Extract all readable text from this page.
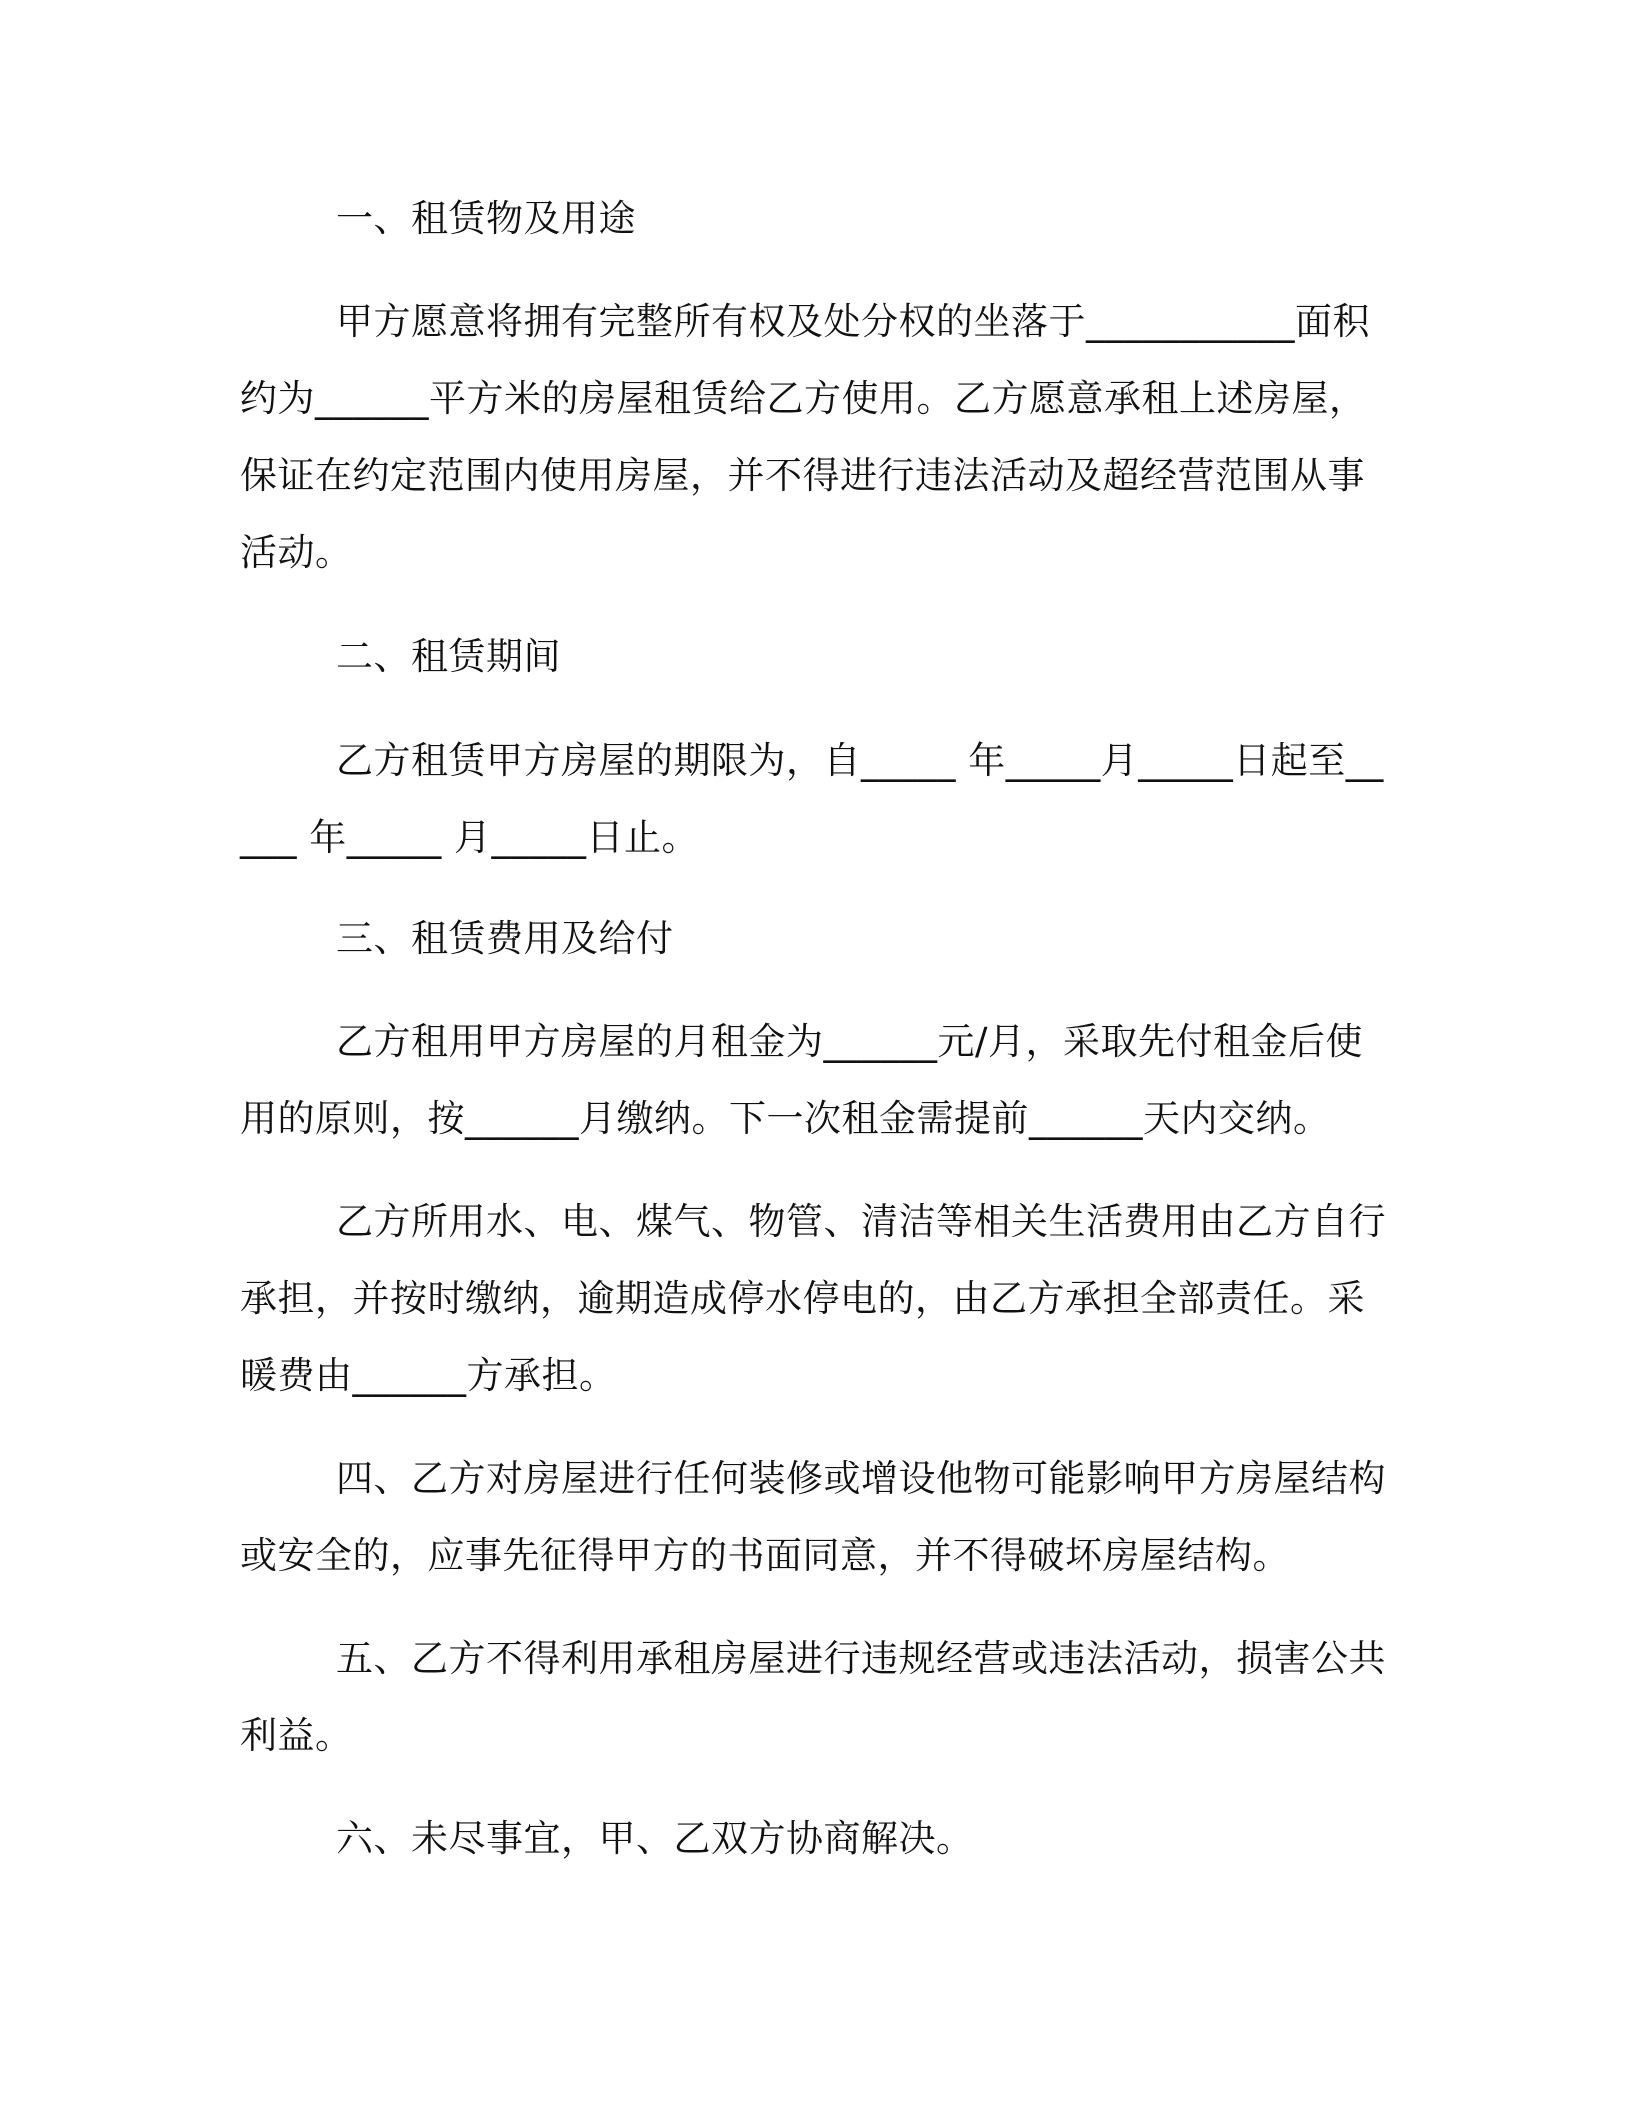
一、租赁物及用途
甲方愿意将拥有完整所有权及处分权的坐落于___________面积约为______平方米的房屋租赁给乙方使用。乙方愿意承租上述房屋，保证在约定范围内使用房屋，并不得进行违法活动及超经营范围从事活动。
二、租赁期间
乙方租赁甲方房屋的期限为，自_____ 年_____月_____日起至_____ 年_____ 月_____日止。
三、租赁费用及给付
乙方租用甲方房屋的月租金为______元/月，采取先付租金后使用的原则，按______月缴纳。下一次租金需提前______天内交纳。
乙方所用水、电、煤气、物管、清洁等相关生活费用由乙方自行承担，并按时缴纳，逾期造成停水停电的，由乙方承担全部责任。采暖费由______方承担。
四、乙方对房屋进行任何装修或增设他物可能影响甲方房屋结构或安全的，应事先征得甲方的书面同意，并不得破坏房屋结构。
五、乙方不得利用承租房屋进行违规经营或违法活动，损害公共利益。
六、未尽事宜，甲、乙双方协商解决。
